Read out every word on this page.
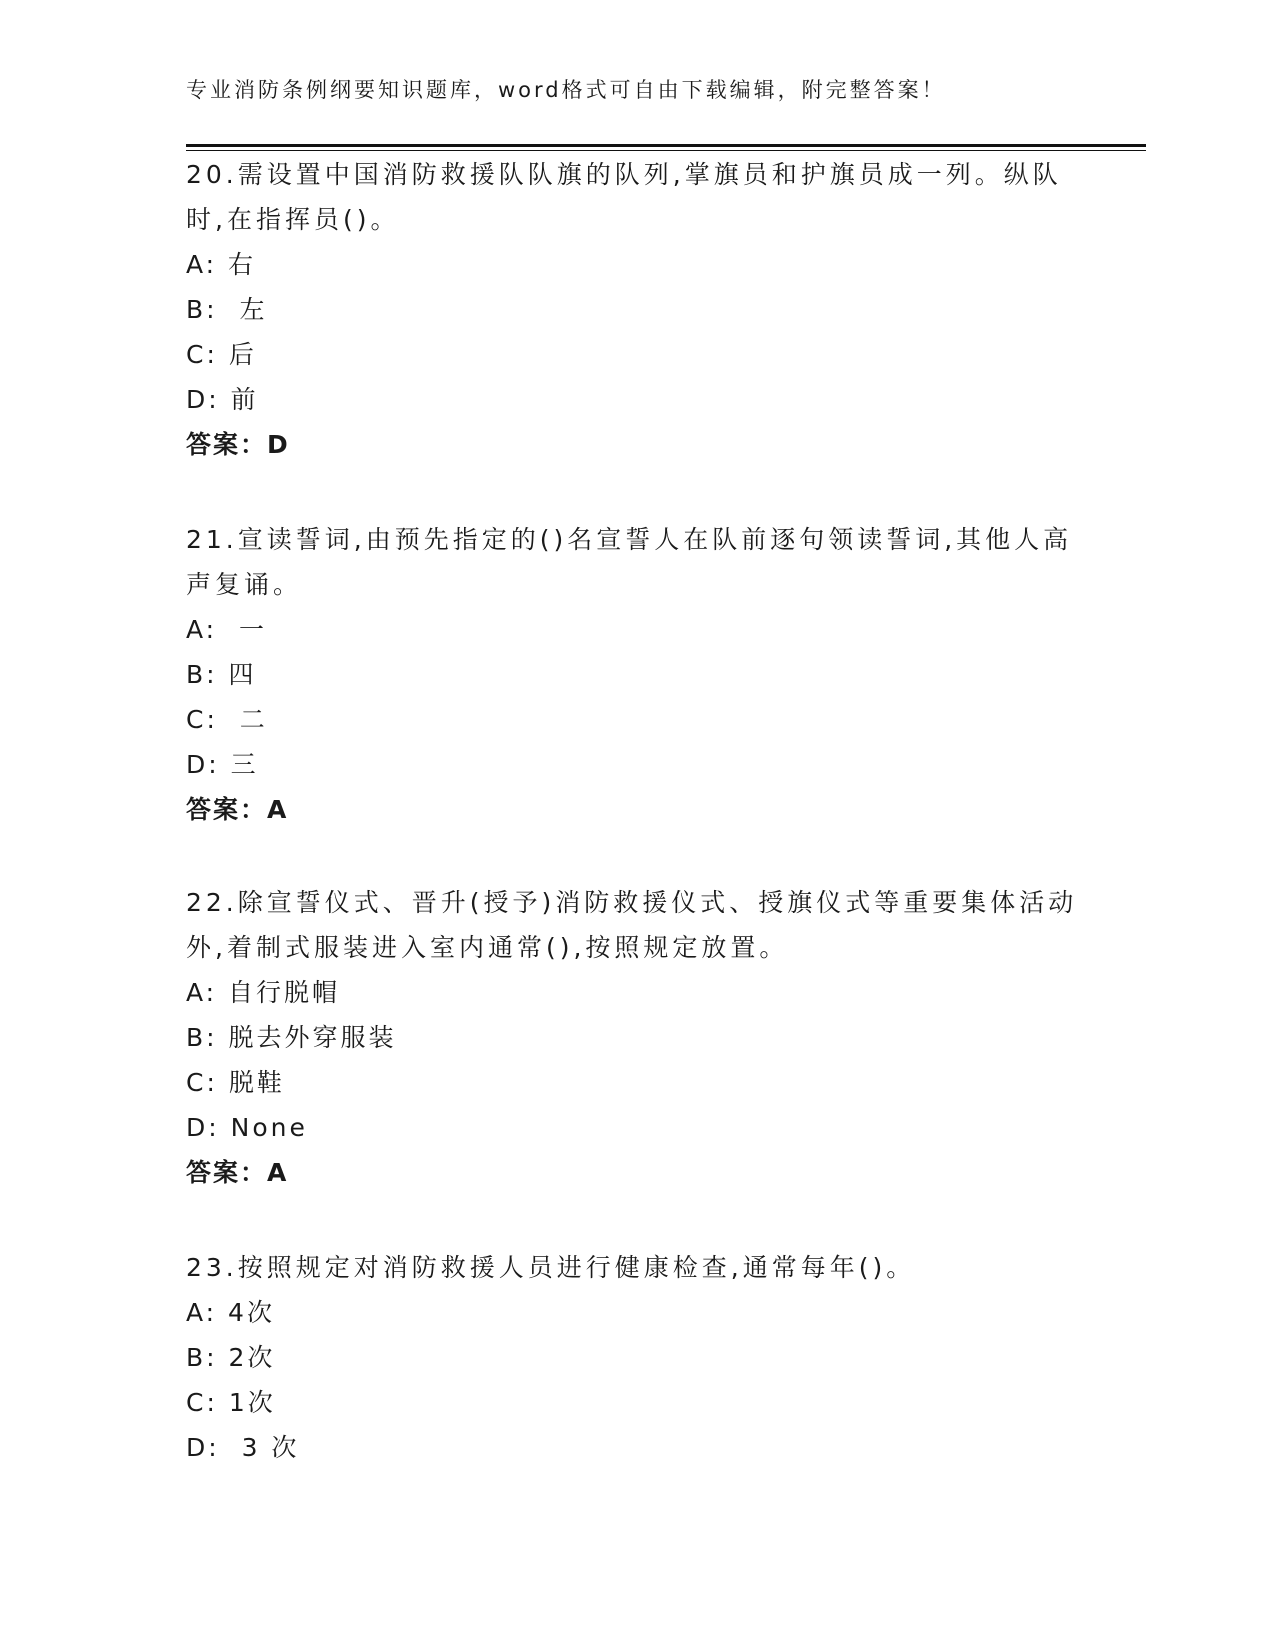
专业消防条例纲要知识题库，word格式可自由下载编辑，附完整答案！
20.需设置中国消防救援队队旗的队列,掌旗员和护旗员成一列。纵队时,在指挥员()。
A: 右
B:  左
C: 后
D: 前
答案：D
21.宣读誓词,由预先指定的()名宣誓人在队前逐句领读誓词,其他人高声复诵。
A:  一
B: 四
C:  二
D: 三
答案：A
22.除宣誓仪式、晋升(授予)消防救援仪式、授旗仪式等重要集体活动外,着制式服装进入室内通常(),按照规定放置。
A: 自行脱帽
B: 脱去外穿服装
C: 脱鞋
D: None
答案：A
23.按照规定对消防救援人员进行健康检查,通常每年()。
A: 4次
B: 2次
C: 1次
D:  3 次
